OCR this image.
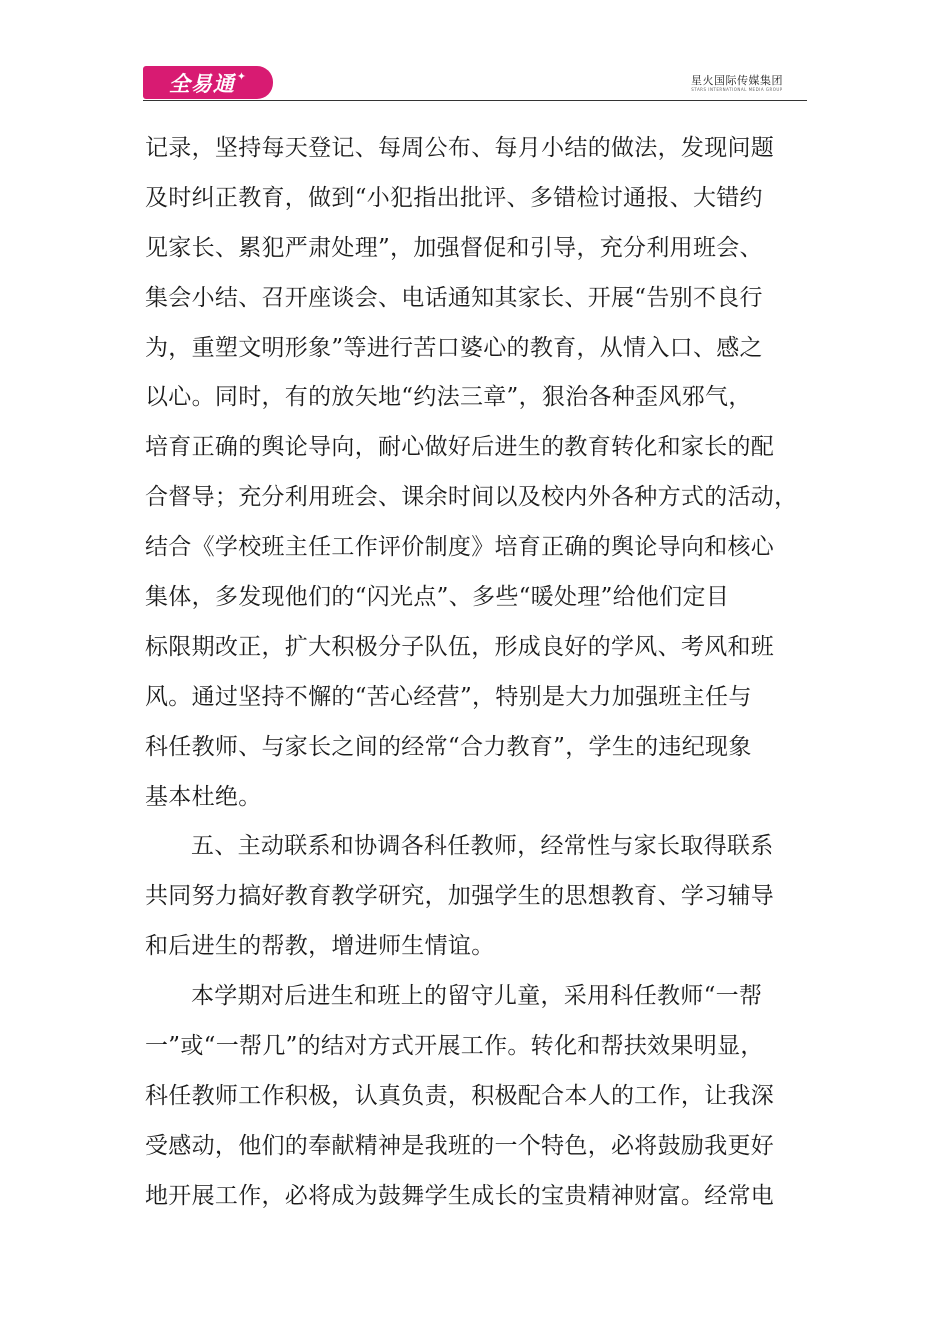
全易通 ✦	星火国际传媒集团
STARS INTERNATIONAL MEDIA GROUP
记录，坚持每天登记、每周公布、每月小结的做法，发现问题
及时纠正教育，做到“小犯指出批评、多错检讨通报、大错约
见家长、累犯严肃处理”，加强督促和引导，充分利用班会、
集会小结、召开座谈会、电话通知其家长、开展“告别不良行
为，重塑文明形象”等进行苦口婆心的教育，从情入口、感之
以心。同时，有的放矢地“约法三章”，狠治各种歪风邪气，
培育正确的舆论导向，耐心做好后进生的教育转化和家长的配
合督导；充分利用班会、课余时间以及校内外各种方式的活动，
结合《学校班主任工作评价制度》培育正确的舆论导向和核心
集体，多发现他们的“闪光点”、多些“暖处理”给他们定目
标限期改正，扩大积极分子队伍，形成良好的学风、考风和班
风。通过坚持不懈的“苦心经营”，特别是大力加强班主任与
科任教师、与家长之间的经常“合力教育”，学生的违纪现象
基本杜绝。
五、主动联系和协调各科任教师，经常性与家长取得联系
共同努力搞好教育教学研究，加强学生的思想教育、学习辅导
和后进生的帮教，增进师生情谊。
本学期对后进生和班上的留守儿童，采用科任教师“一帮
一”或“一帮几”的结对方式开展工作。转化和帮扶效果明显，
科任教师工作积极，认真负责，积极配合本人的工作，让我深
受感动，他们的奉献精神是我班的一个特色，必将鼓励我更好
地开展工作，必将成为鼓舞学生成长的宝贵精神财富。经常电
